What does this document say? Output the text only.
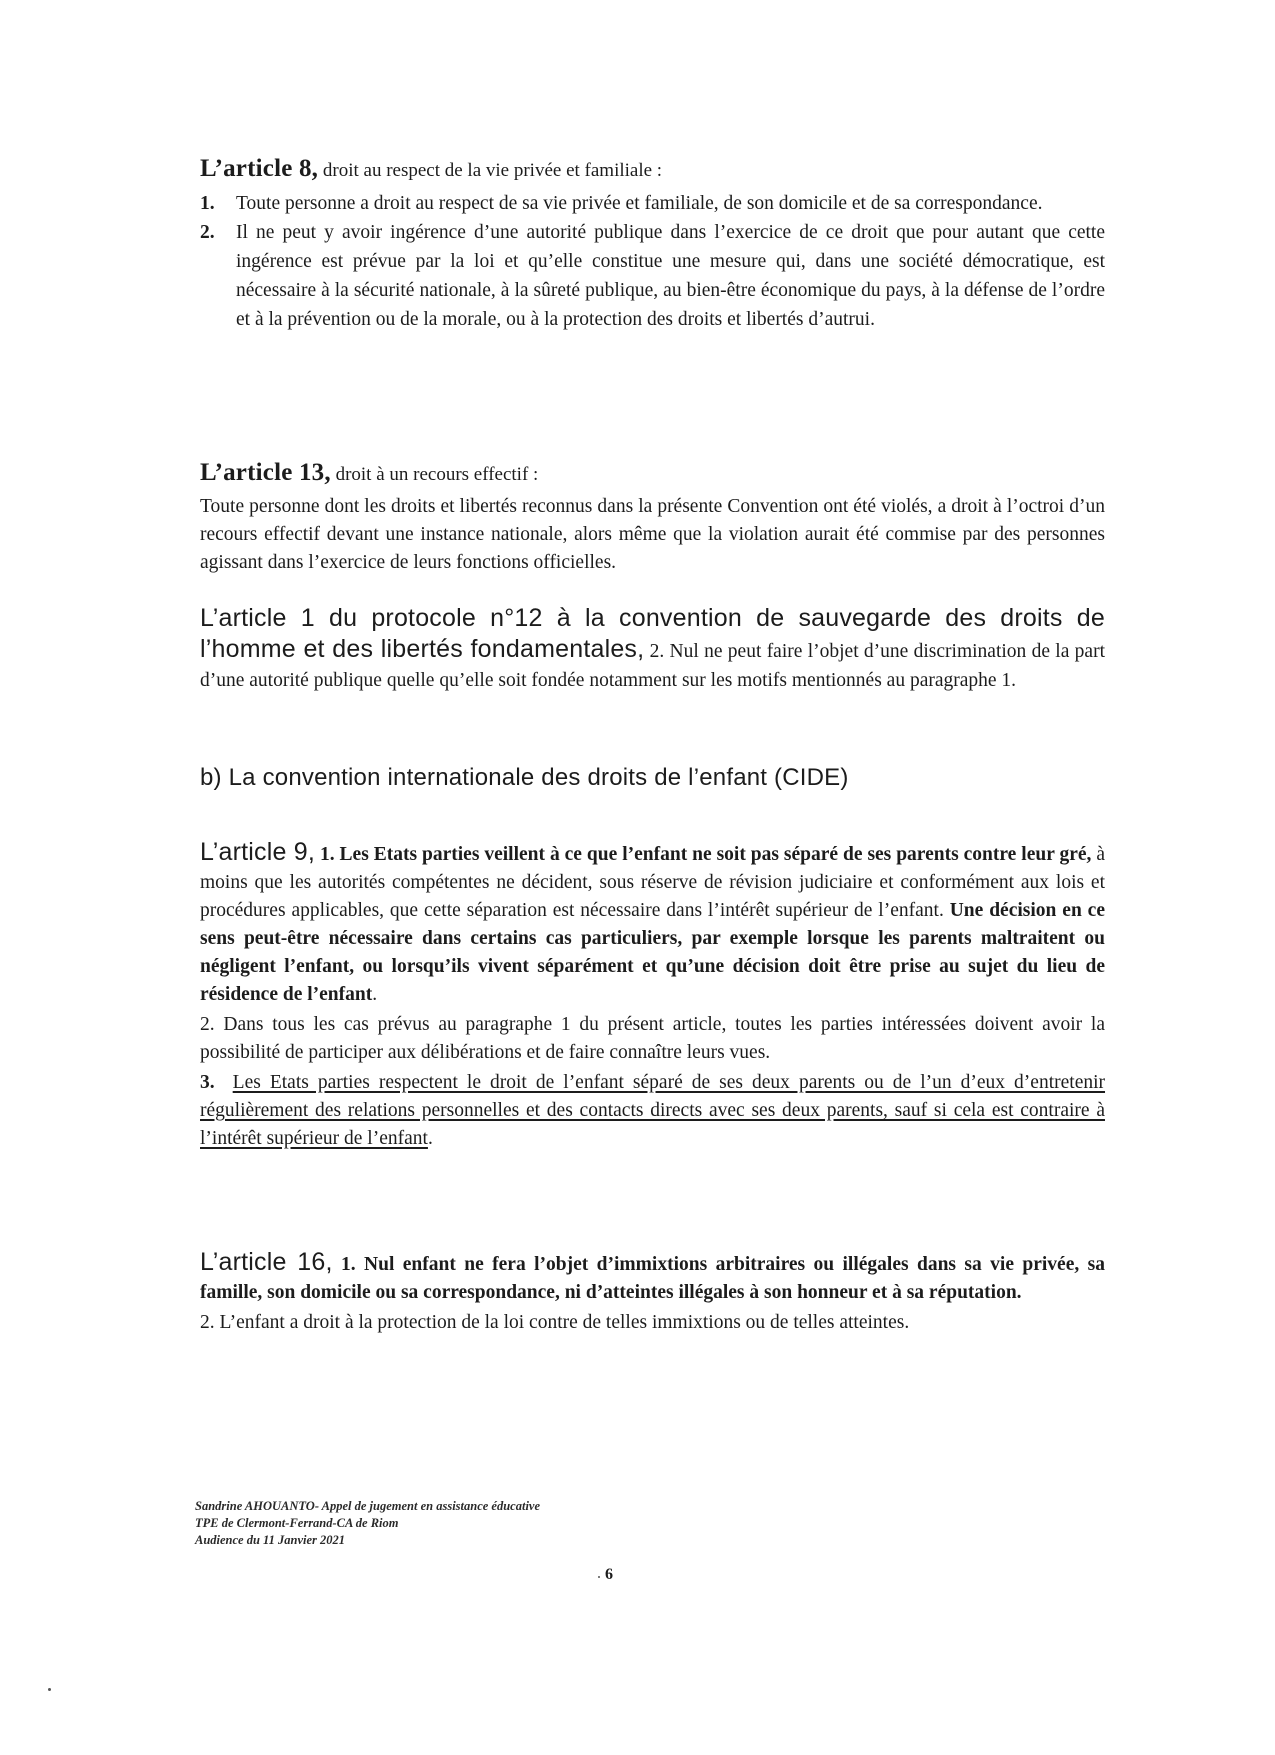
L’article 8, droit au respect de la vie privée et familiale :
1. Toute personne a droit au respect de sa vie privée et familiale, de son domicile et de sa correspondance.
2. Il ne peut y avoir ingérence d’une autorité publique dans l’exercice de ce droit que pour autant que cette ingérence est prévue par la loi et qu’elle constitue une mesure qui, dans une société démocratique, est nécessaire à la sécurité nationale, à la sûreté publique, au bien-être économique du pays, à la défense de l’ordre et à la prévention ou de la morale, ou à la protection des droits et libertés d’autrui.
L’article 13, droit à un recours effectif :

Toute personne dont les droits et libertés reconnus dans la présente Convention ont été violés, a droit à l’octroi d’un recours effectif devant une instance nationale, alors même que la violation aurait été commise par des personnes agissant dans l’exercice de leurs fonctions officielles.

L’article 1 du protocole n°12 à la convention de sauvegarde des droits de l’homme et des libertés fondamentales, 2. Nul ne peut faire l’objet d’une discrimination de la part d’une autorité publique quelle qu’elle soit fondée notamment sur les motifs mentionnés au paragraphe 1.

b) La convention internationale des droits de l’enfant (CIDE)

L’article 9, 1. Les Etats parties veillent à ce que l’enfant ne soit pas séparé de ses parents contre leur gré, à moins que les autorités compétentes ne décident, sous réserve de révision judiciaire et conformément aux lois et procédures applicables, que cette séparation est nécessaire dans l’intérêt supérieur de l’enfant. Une décision en ce sens peut-être nécessaire dans certains cas particuliers, par exemple lorsque les parents maltraitent ou négligent l’enfant, ou lorsqu’ils vivent séparément et qu’une décision doit être prise au sujet du lieu de résidence de l’enfant.

2. Dans tous les cas prévus au paragraphe 1 du présent article, toutes les parties intéressées doivent avoir la possibilité de participer aux délibérations et de faire connaître leurs vues.

3. Les Etats parties respectent le droit de l’enfant séparé de ses deux parents ou de l’un d’eux d’entretenir régulièrement des relations personnelles et des contacts directs avec ses deux parents, sauf si cela est contraire à l’intérêt supérieur de l’enfant.

L’article 16, 1. Nul enfant ne fera l’objet d’immixtions arbitraires ou illégales dans sa vie privée, sa famille, son domicile ou sa correspondance, ni d’atteintes illégales à son honneur et à sa réputation.

2. L’enfant a droit à la protection de la loi contre de telles immixtions ou de telles atteintes.

Sandrine AHOUANTO- Appel de jugement en assistance éducative
TPE de Clermont-Ferrand-CA de Riom
Audience du 11 Janvier 2021
6
